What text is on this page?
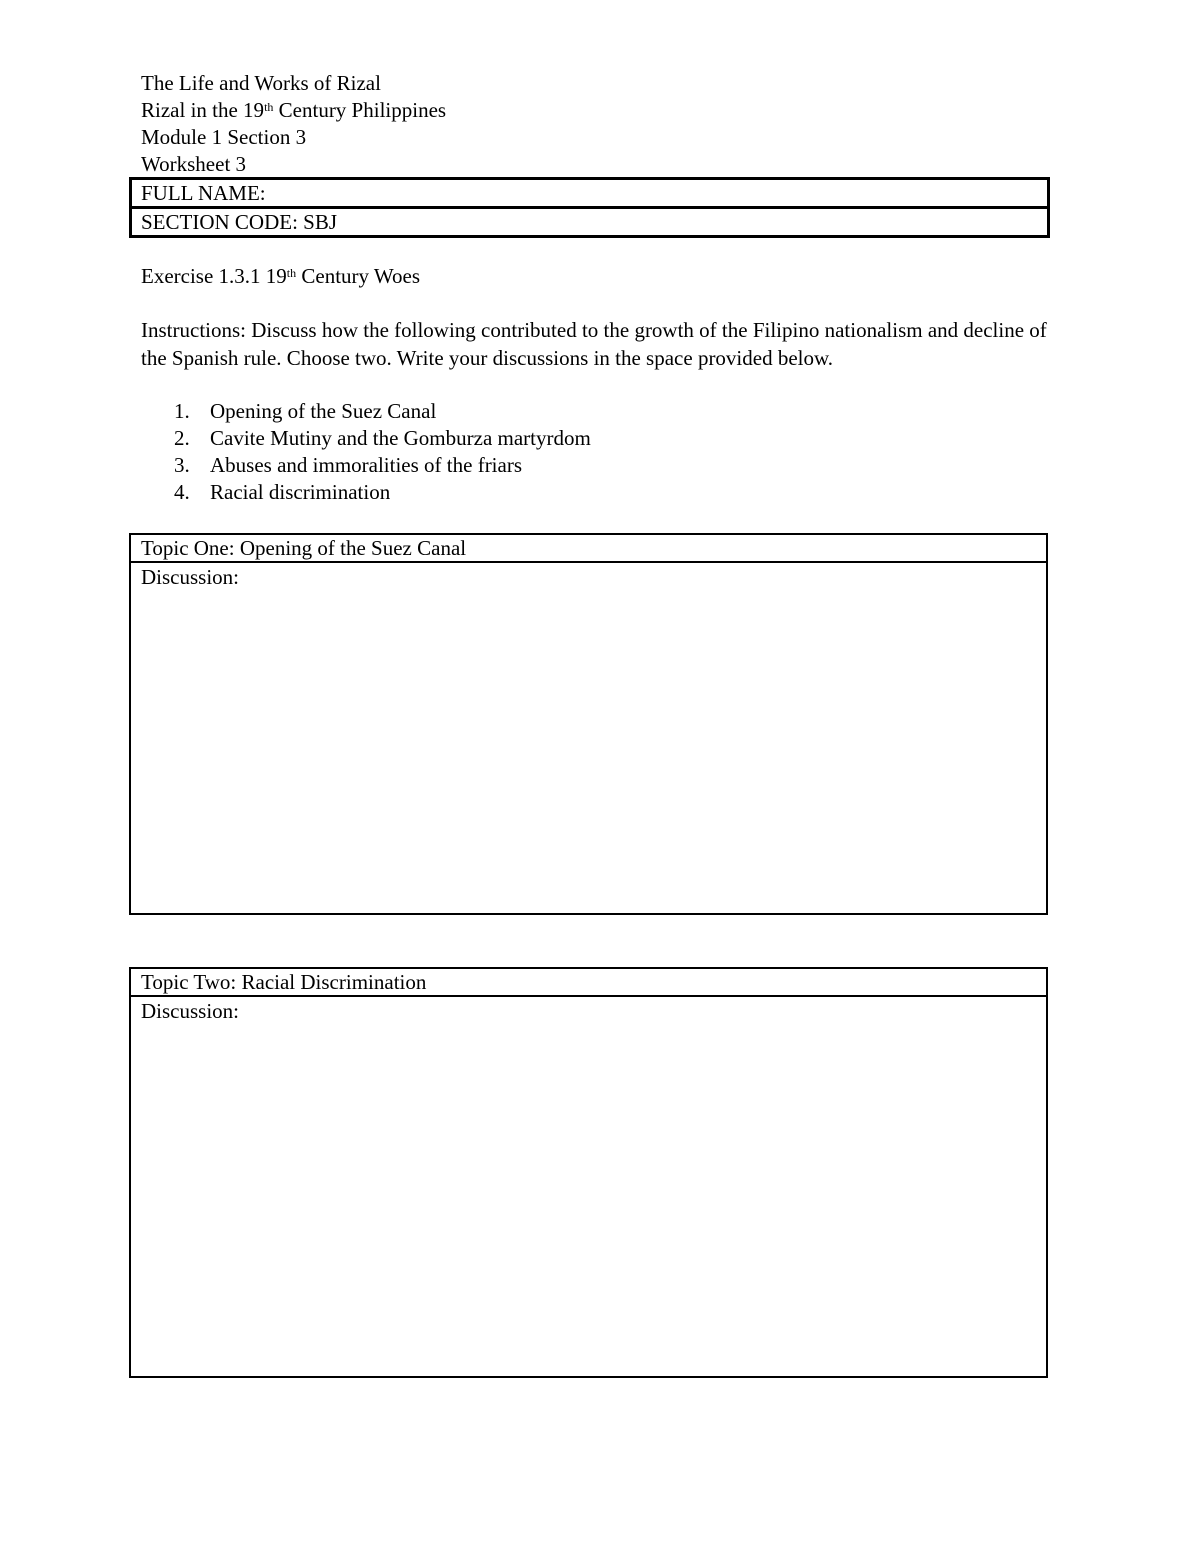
The Life and Works of Rizal
Rizal in the 19th Century Philippines
Module 1 Section 3
Worksheet 3
FULL NAME:
SECTION CODE: SBJ
Exercise 1.3.1 19th Century Woes
Instructions: Discuss how the following contributed to the growth of the Filipino nationalism and decline of the Spanish rule. Choose two. Write your discussions in the space provided below.
1. Opening of the Suez Canal
2. Cavite Mutiny and the Gomburza martyrdom
3. Abuses and immoralities of the friars
4. Racial discrimination
Topic One: Opening of the Suez Canal
Discussion:
Topic Two: Racial Discrimination
Discussion:
